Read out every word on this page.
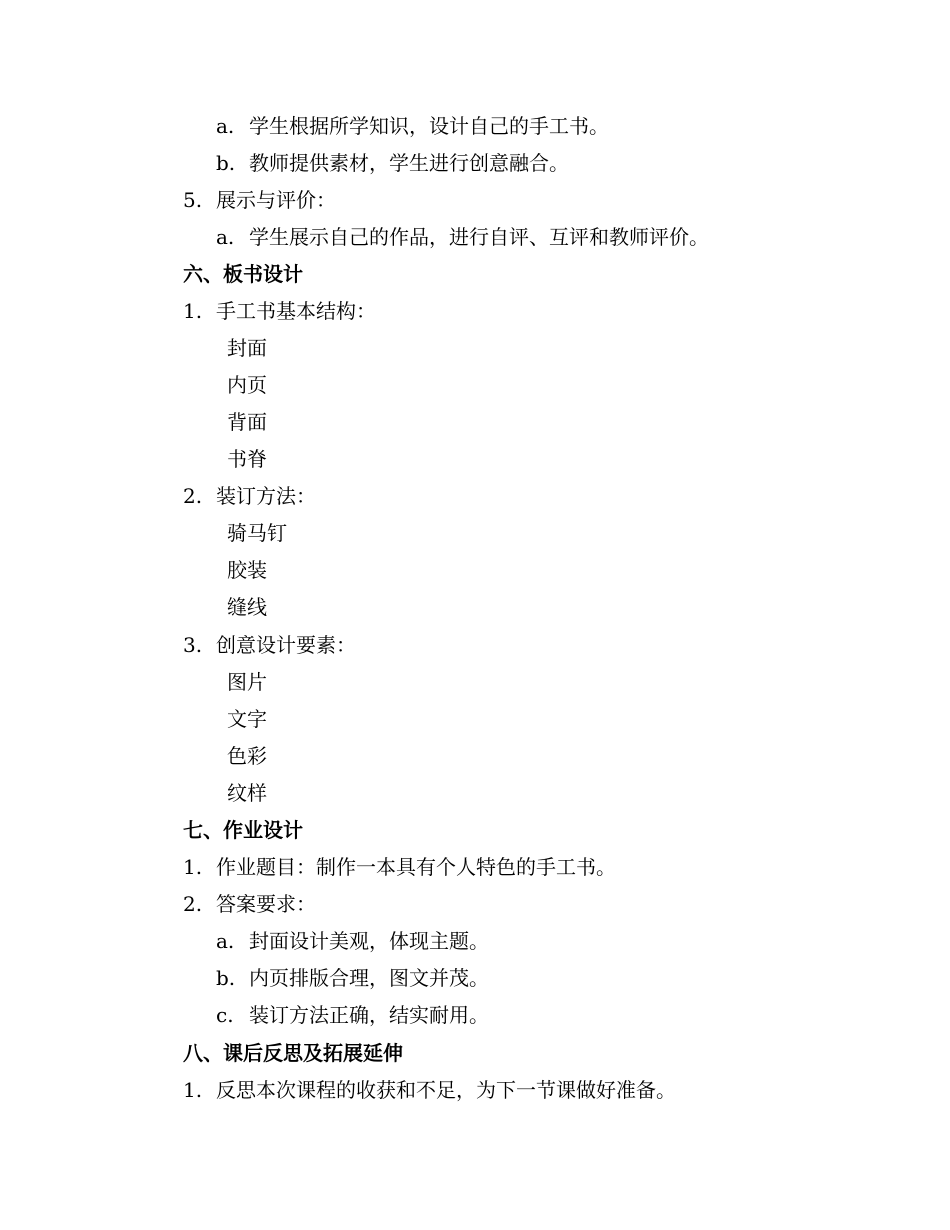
a. 学生根据所学知识，设计自己的手工书。
b. 教师提供素材，学生进行创意融合。
5. 展示与评价：
a. 学生展示自己的作品，进行自评、互评和教师评价。
六、板书设计
1. 手工书基本结构：
封面
内页
背面
书脊
2. 装订方法：
骑马钉
胶装
缝线
3. 创意设计要素：
图片
文字
色彩
纹样
七、作业设计
1. 作业题目：制作一本具有个人特色的手工书。
2. 答案要求：
a. 封面设计美观，体现主题。
b. 内页排版合理，图文并茂。
c. 装订方法正确，结实耐用。
八、课后反思及拓展延伸
1. 反思本次课程的收获和不足，为下一节课做好准备。
